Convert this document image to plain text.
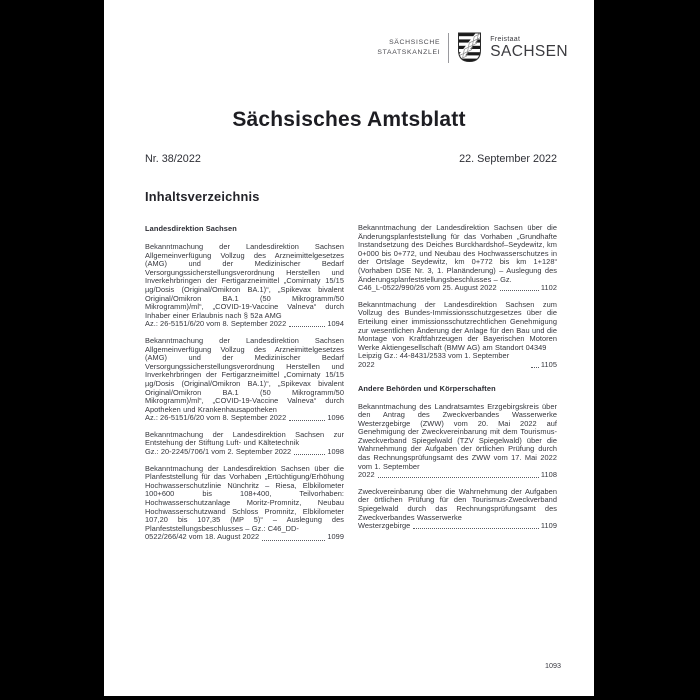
SÄCHSISCHE
STAATSKANZLEI
Freistaat
SACHSEN
Sächsisches Amtsblatt
Nr. 38/2022	22. September 2022
Inhaltsverzeichnis
Landesdirektion Sachsen
Bekanntmachung der Landesdirektion Sachsen Allgemeinverfügung Vollzug des Arzneimittelgesetzes (AMG) und der Medizinischer Bedarf Versorgungssicherstellungsverordnung Herstellen und Inverkehrbringen der Fertigarzneimittel „Comirnaty 15/15 µg/Dosis (Original/Omikron BA.1)“, „Spikevax bivalent Original/Omikron BA.1 (50 Mikrogramm/50 Mikrogramm)/ml“, „COVID-19-Vaccine Valneva“ durch Inhaber einer Erlaubnis nach § 52a AMG
Az.: 26-5151/6/20 vom 8. September 2022	1094
Bekanntmachung der Landesdirektion Sachsen Allgemeinverfügung Vollzug des Arzneimittelgesetzes (AMG) und der Medizinischer Bedarf Versorgungssicherstellungsverordnung Herstellen und Inverkehrbringen der Fertigarzneimittel „Comirnaty 15/15 µg/Dosis (Original/Omikron BA.1)“, „Spikevax bivalent Original/Omikron BA.1 (50 Mikrogramm/50 Mikrogramm)/ml“, „COVID-19-Vaccine Valneva“ durch Apotheken und Krankenhausapotheken
Az.: 26-5151/6/20 vom 8. September 2022	1096
Bekanntmachung der Landesdirektion Sachsen zur Entstehung der Stiftung Luft- und Kältetechnik
Gz.: 20-2245/706/1 vom 2. September 2022	1098
Bekanntmachung der Landesdirektion Sachsen über die Planfeststellung für das Vorhaben „Ertüchtigung/Erhöhung Hochwasserschutzlinie Nünchritz – Riesa, Elbkilometer 100+600 bis 108+400, Teilvorhaben: Hochwasserschutzanlage Moritz-Promnitz, Neubau Hochwasserschutzwand Schloss Promnitz, Elbkilometer 107,20 bis 107,35 (MP 5)“ – Auslegung des Planfeststellungsbeschlusses – Gz.: C46_DD-
0522/266/42 vom 18. August 2022	1099
Bekanntmachung der Landesdirektion Sachsen über die Änderungsplanfeststellung für das Vorhaben „Grundhafte Instandsetzung des Deiches Burckhardshof–Seydewitz, km 0+000 bis 0+772, und Neubau des Hochwasserschutzes in der Ortslage Seydewitz, km 0+772 bis km 1+128“ (Vorhaben DSE Nr. 3, 1. Planänderung) – Auslegung des Änderungsplanfeststellungsbeschlusses – Gz.
C46_L-0522/990/26 vom 25. August 2022	1102
Bekanntmachung der Landesdirektion Sachsen zum Vollzug des Bundes-Immissionsschutzgesetzes über die Erteilung einer immissionsschutzrechtlichen Genehmigung zur wesentlichen Änderung der Anlage für den Bau und die Montage von Kraftfahrzeugen der Bayerischen Motoren Werke Aktiengesellschaft (BMW AG) am Standort 04349
Leipzig Gz.: 44-8431/2533 vom 1. September 2022	1105
Andere Behörden und Körperschaften
Bekanntmachung des Landratsamtes Erzgebirgskreis über den Antrag des Zweckverbandes Wasserwerke Westerzgebirge (ZWW) vom 20. Mai 2022 auf Genehmigung der Zweckvereinbarung mit dem Tourismus-Zweckverband Spiegelwald (TZV Spiegelwald) über die Wahrnehmung der Aufgaben der örtlichen Prüfung durch das Rechnungsprüfungsamt des ZWW vom 17. Mai 2022 vom 1. September
2022	1108
Zweckvereinbarung über die Wahrnehmung der Aufgaben der örtlichen Prüfung für den Tourismus-Zweckverband Spiegelwald durch das Rechnungsprüfungsamt des Zweckverbandes Wasserwerke
Westerzgebirge	1109
1093
